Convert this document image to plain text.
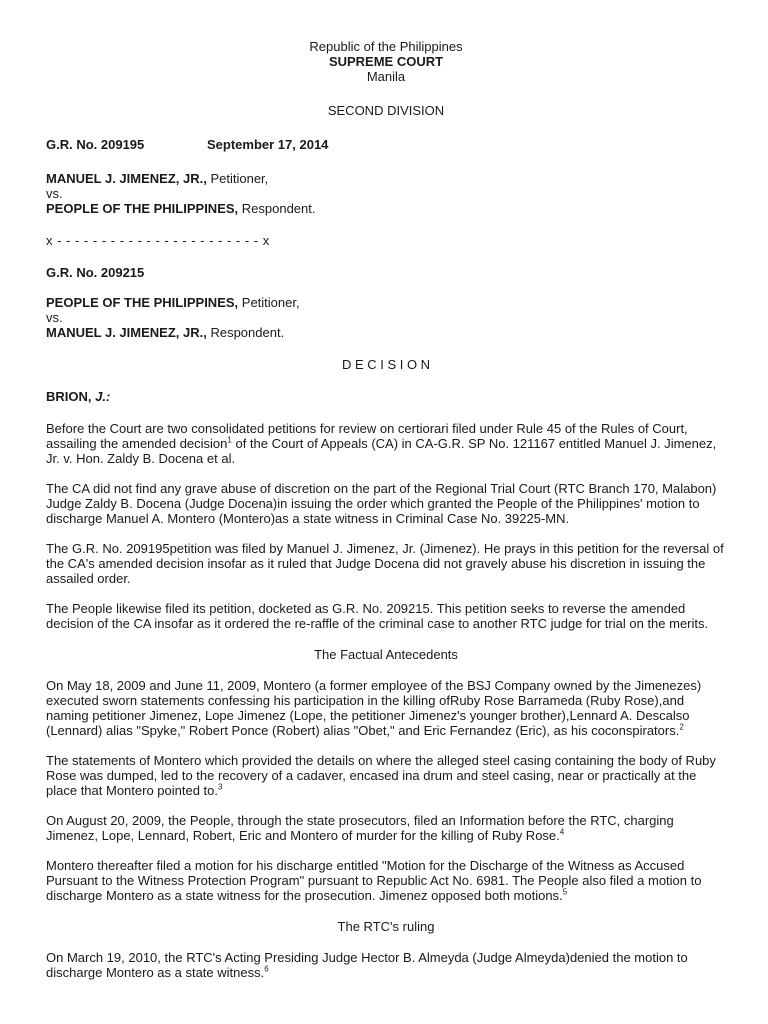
Republic of the Philippines
SUPREME COURT
Manila
SECOND DIVISION
G.R. No. 209195	September 17, 2014
MANUEL J. JIMENEZ, JR., Petitioner,
vs.
PEOPLE OF THE PHILIPPINES, Respondent.
x - - - - - - - - - - - - - - - - - - - - - - - x
G.R. No. 209215
PEOPLE OF THE PHILIPPINES, Petitioner,
vs.
MANUEL J. JIMENEZ, JR., Respondent.
D E C I S I O N
BRION, J.:

Before the Court are two consolidated petitions for review on certiorari filed under Rule 45 of the Rules of Court, assailing the amended decision$^1$ of the Court of Appeals (CA) in CA-G.R. SP No. 121167 entitled Manuel J. Jimenez, Jr. v. Hon. Zaldy B. Docena et al.

The CA did not find any grave abuse of discretion on the part of the Regional Trial Court (RTC Branch 170, Malabon) Judge Zaldy B. Docena (Judge Docena)in issuing the order which granted the People of the Philippines' motion to discharge Manuel A. Montero (Montero)as a state witness in Criminal Case No. 39225-MN.

The G.R. No. 209195petition was filed by Manuel J. Jimenez, Jr. (Jimenez). He prays in this petition for the reversal of the CA's amended decision insofar as it ruled that Judge Docena did not gravely abuse his discretion in issuing the assailed order.

The People likewise filed its petition, docketed as G.R. No. 209215. This petition seeks to reverse the amended decision of the CA insofar as it ordered the re-raffle of the criminal case to another RTC judge for trial on the merits.

The Factual Antecedents

On May 18, 2009 and June 11, 2009, Montero (a former employee of the BSJ Company owned by the Jimenezes) executed sworn statements confessing his participation in the killing ofRuby Rose Barrameda (Ruby Rose),and naming petitioner Jimenez, Lope Jimenez (Lope, the petitioner Jimenez's younger brother),Lennard A. Descalso (Lennard) alias "Spyke," Robert Ponce (Robert) alias "Obet," and Eric Fernandez (Eric), as his coconspirators.$^2$

The statements of Montero which provided the details on where the alleged steel casing containing the body of Ruby Rose was dumped, led to the recovery of a cadaver, encased ina drum and steel casing, near or practically at the place that Montero pointed to.$^3$

On August 20, 2009, the People, through the state prosecutors, filed an Information before the RTC, charging Jimenez, Lope, Lennard, Robert, Eric and Montero of murder for the killing of Ruby Rose.$^4$

Montero thereafter filed a motion for his discharge entitled "Motion for the Discharge of the Witness as Accused Pursuant to the Witness Protection Program" pursuant to Republic Act No. 6981. The People also filed a motion to discharge Montero as a state witness for the prosecution. Jimenez opposed both motions.$^5$

The RTC's ruling

On March 19, 2010, the RTC's Acting Presiding Judge Hector B. Almeyda (Judge Almeyda)denied the motion to discharge Montero as a state witness.$^6$
